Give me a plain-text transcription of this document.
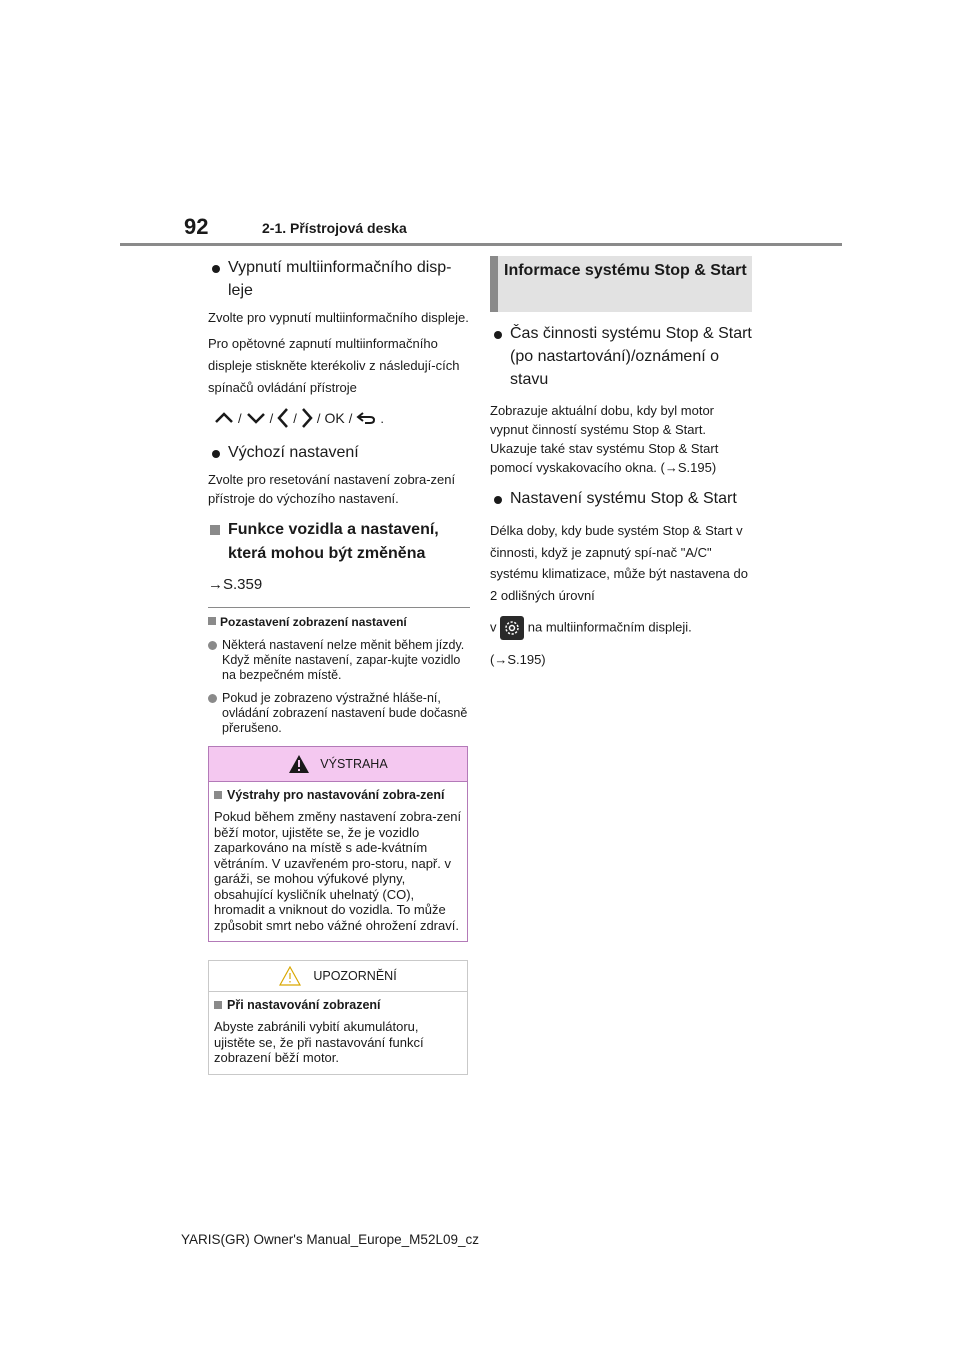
92	2-1. Přístrojová deska
Vypnutí multiinformačního disp-leje
Zvolte pro vypnutí multiinformačního displeje.
Pro opětovné zapnutí multiinformačního displeje stiskněte kterékoliv z následují-cích spínačů ovládání přístroje
/ / / / OK / .
Výchozí nastavení
Zvolte pro resetování nastavení zobra-zení přístroje do výchozího nastavení.
Funkce vozidla a nastavení, která mohou být změněna
→S.359
Pozastavení zobrazení nastavení
Některá nastavení nelze měnit během jízdy. Když měníte nastavení, zapar-kujte vozidlo na bezpečném místě.
Pokud je zobrazeno výstražné hláše-ní, ovládání zobrazení nastavení bude dočasně přerušeno.
VÝSTRAHA
Výstrahy pro nastavování zobra-zení
Pokud během změny nastavení zobra-zení běží motor, ujistěte se, že je vozidlo zaparkováno na místě s ade-kvátním větráním. V uzavřeném pro-storu, např. v garáži, se mohou výfukové plyny, obsahující kysličník uhelnatý (CO), hromadit a vniknout do vozidla. To může způsobit smrt nebo vážné ohrožení zdraví.
UPOZORNĚNÍ
Při nastavování zobrazení
Abyste zabránili vybití akumulátoru, ujistěte se, že při nastavování funkcí zobrazení běží motor.
Informace systému Stop & Start
Čas činnosti systému Stop & Start (po nastartování)/oznámení o stavu
Zobrazuje aktuální dobu, kdy byl motor vypnut činností systému Stop & Start. Ukazuje také stav systému Stop & Start pomocí vyskakovacího okna. (→S.195)
Nastavení systému Stop & Start
Délka doby, kdy bude systém Stop & Start v činnosti, když je zapnutý spí-nač "A/C" systému klimatizace, může být nastavena do 2 odlišných úrovní
v na multiinformačním displeji.
(→S.195)
YARIS(GR) Owner's Manual_Europe_M52L09_cz
